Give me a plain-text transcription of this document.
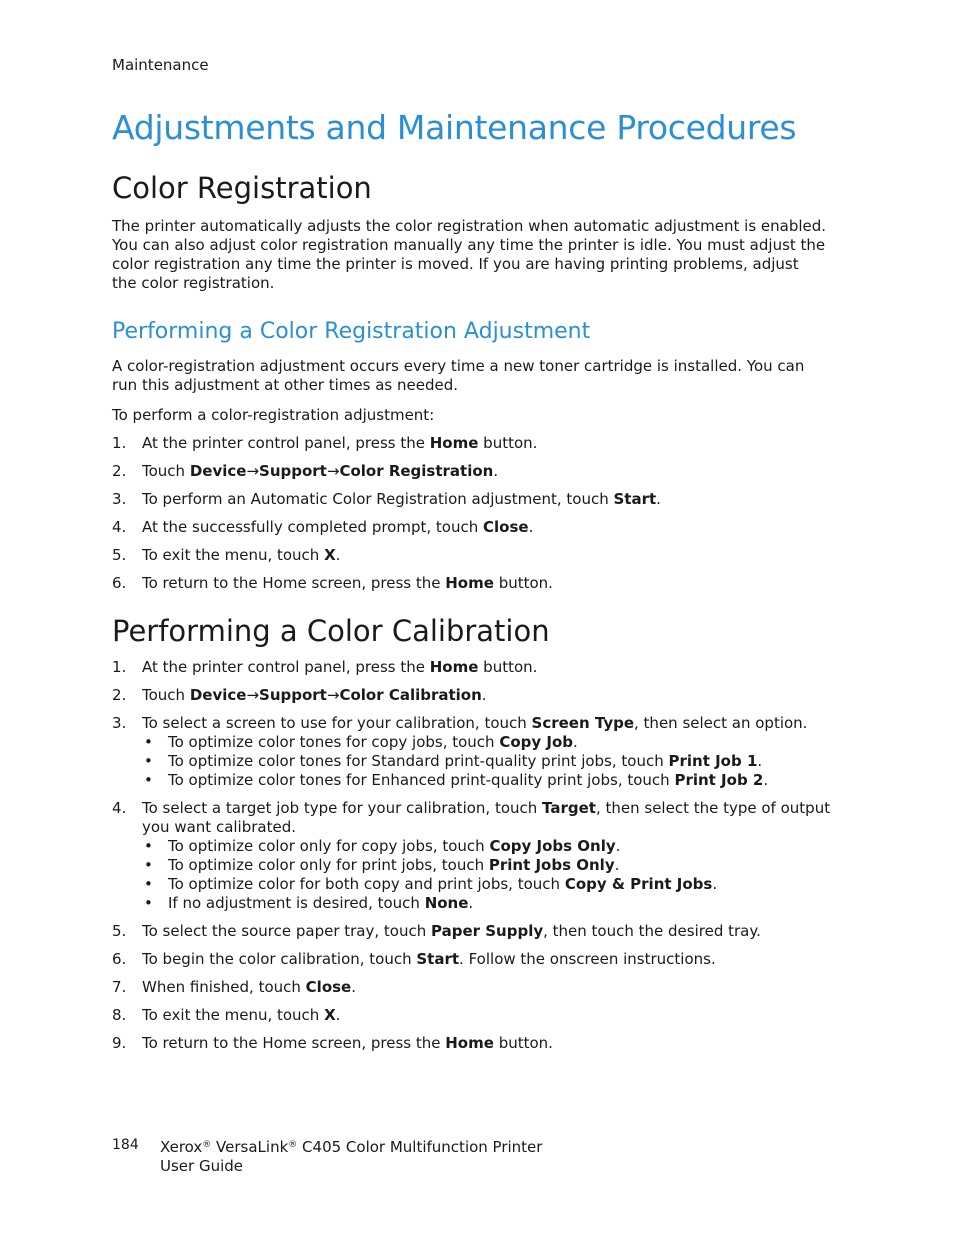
Maintenance
Adjustments and Maintenance Procedures
Color Registration

The printer automatically adjusts the color registration when automatic adjustment is enabled. You can also adjust color registration manually any time the printer is idle. You must adjust the color registration any time the printer is moved. If you are having printing problems, adjust the color registration.

Performing a Color Registration Adjustment

A color-registration adjustment occurs every time a new toner cartridge is installed. You can run this adjustment at other times as needed.

To perform a color-registration adjustment:

1. At the printer control panel, press the Home button.
2. Touch Device→Support→Color Registration.
3. To perform an Automatic Color Registration adjustment, touch Start.
4. At the successfully completed prompt, touch Close.
5. To exit the menu, touch X.
6. To return to the Home screen, press the Home button.
Performing a Color Calibration
1. At the printer control panel, press the Home button.
2. Touch Device→Support→Color Calibration.
3. To select a screen to use for your calibration, touch Screen Type, then select an option.
• To optimize color tones for copy jobs, touch Copy Job.
• To optimize color tones for Standard print-quality print jobs, touch Print Job 1.
• To optimize color tones for Enhanced print-quality print jobs, touch Print Job 2.
4. To select a target job type for your calibration, touch Target, then select the type of output you want calibrated.
• To optimize color only for copy jobs, touch Copy Jobs Only.
• To optimize color only for print jobs, touch Print Jobs Only.
• To optimize color for both copy and print jobs, touch Copy & Print Jobs.
• If no adjustment is desired, touch None.
5. To select the source paper tray, touch Paper Supply, then touch the desired tray.
6. To begin the color calibration, touch Start. Follow the onscreen instructions.
7. When finished, touch Close.
8. To exit the menu, touch X.
9. To return to the Home screen, press the Home button.
184 Xerox® VersaLink® C405 Color Multifunction Printer
User Guide
